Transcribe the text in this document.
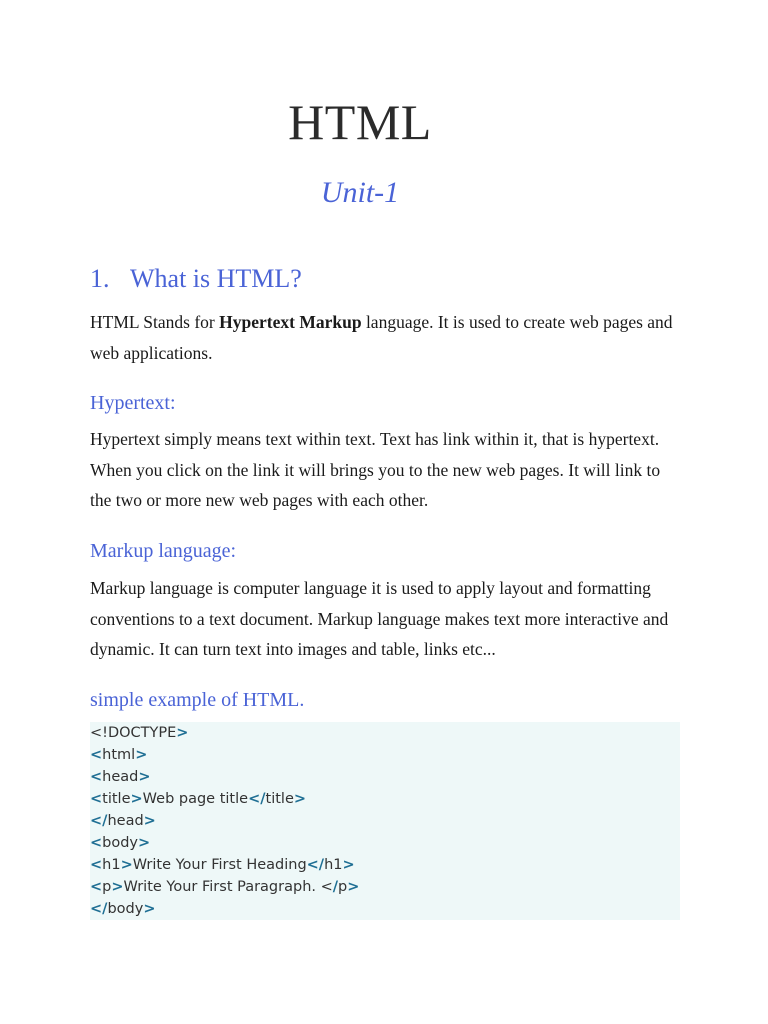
HTML
Unit-1
1. What is HTML?

HTML Stands for Hypertext Markup language. It is used to create web pages and web applications.

Hypertext:

Hypertext simply means text within text. Text has link within it, that is hypertext. When you click on the link it will brings you to the new web pages. It will link to the two or more new web pages with each other.

Markup language:

Markup language is computer language it is used to apply layout and formatting conventions to a text document. Markup language makes text more interactive and dynamic. It can turn text into images and table, links etc...

simple example of HTML.
<!DOCTYPE>
<html>
<head>
<title>Web page title</title>
</head>
<body>
<h1>Write Your First Heading</h1>
<p>Write Your First Paragraph. </p>
</body>
